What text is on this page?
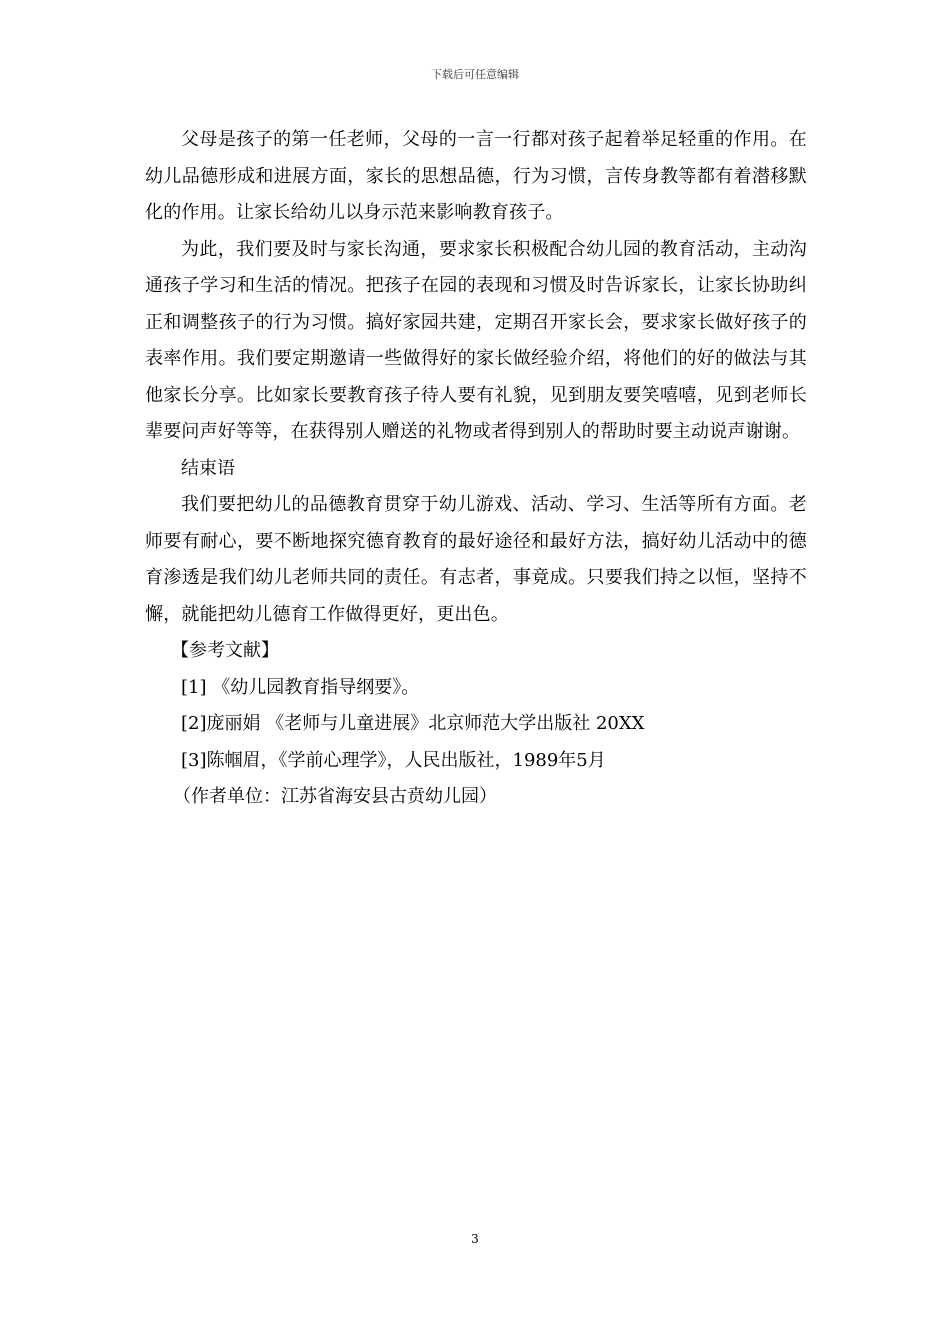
下载后可任意编辑

父母是孩子的第一任老师，父母的一言一行都对孩子起着举足轻重的作用。在幼儿品德形成和进展方面，家长的思想品德，行为习惯，言传身教等都有着潜移默化的作用。让家长给幼儿以身示范来影响教育孩子。

为此，我们要及时与家长沟通，要求家长积极配合幼儿园的教育活动，主动沟通孩子学习和生活的情况。把孩子在园的表现和习惯及时告诉家长，让家长协助纠正和调整孩子的行为习惯。搞好家园共建，定期召开家长会，要求家长做好孩子的表率作用。我们要定期邀请一些做得好的家长做经验介绍，将他们的好的做法与其他家长分享。比如家长要教育孩子待人要有礼貌，见到朋友要笑嘻嘻，见到老师长辈要问声好等等，在获得别人赠送的礼物或者得到别人的帮助时要主动说声谢谢。

结束语

我们要把幼儿的品德教育贯穿于幼儿游戏、活动、学习、生活等所有方面。老师要有耐心，要不断地探究德育教育的最好途径和最好方法，搞好幼儿活动中的德育渗透是我们幼儿老师共同的责任。有志者，事竟成。只要我们持之以恒，坚持不懈，就能把幼儿德育工作做得更好，更出色。

【参考文献】

[1] 《幼儿园教育指导纲要》。

[2]庞丽娟 《老师与儿童进展》北京师范大学出版社 20XX

[3]陈帼眉，《学前心理学》，人民出版社，1989年5月

（作者单位：江苏省海安县古贲幼儿园）

3
